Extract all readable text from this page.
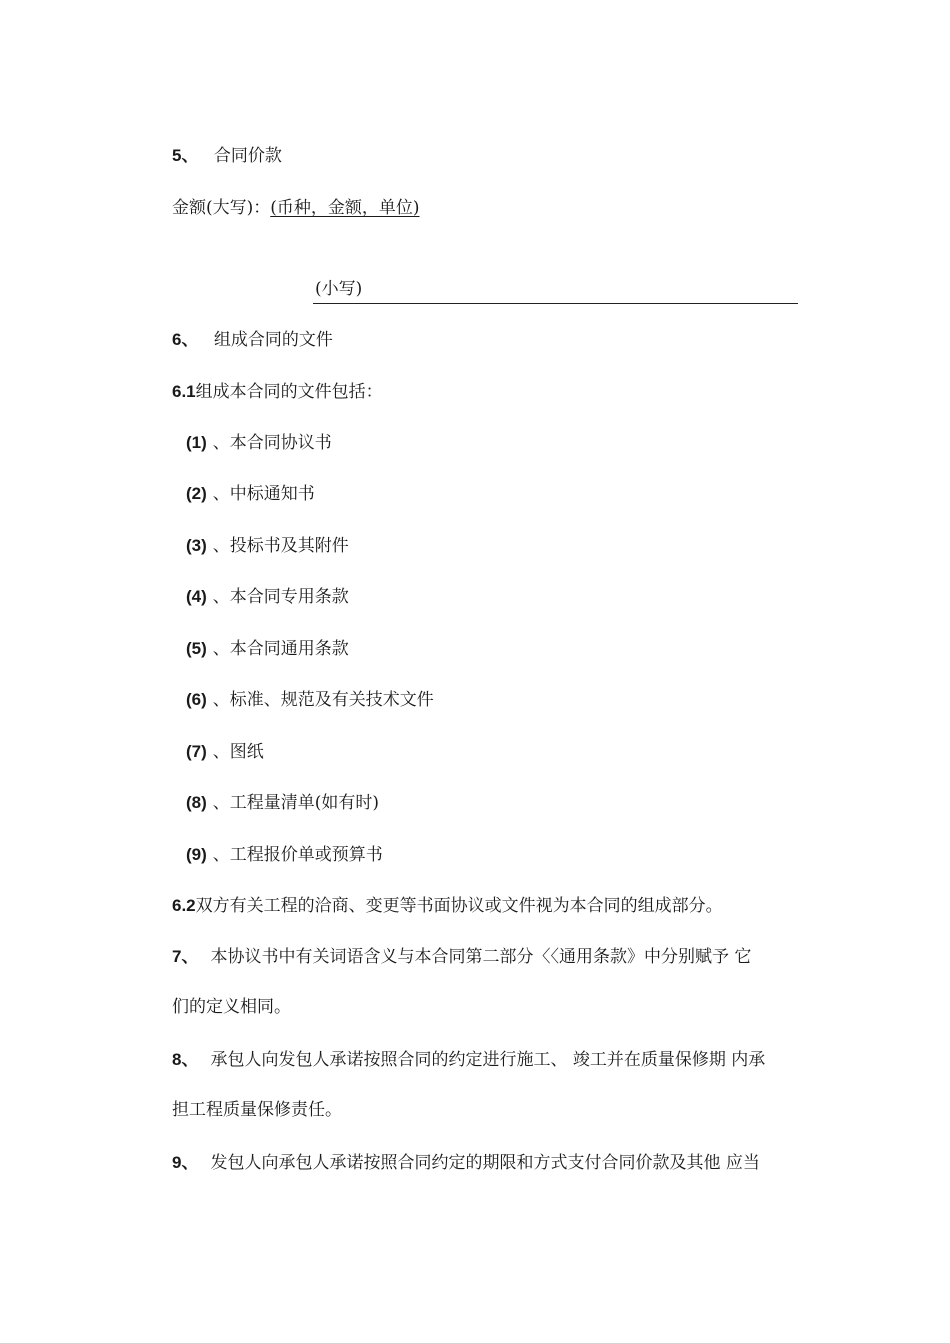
5、 合同价款
金额(大写)：(币种，金额，单位)
(小写)
6、 组成合同的文件
6.1组成本合同的文件包括：
(1) 、本合同协议书
(2) 、中标通知书
(3) 、投标书及其附件
(4) 、本合同专用条款
(5) 、本合同通用条款
(6) 、标准、规范及有关技术文件
(7) 、图纸
(8) 、工程量清单(如有时)
(9) 、工程报价单或预算书
6.2双方有关工程的洽商、变更等书面协议或文件视为本合同的组成部分。
7、 本协议书中有关词语含义与本合同第二部分〈〈通用条款》中分别赋予 它
们的定义相同。
8、 承包人向发包人承诺按照合同的约定进行施工、 竣工并在质量保修期 内承
担工程质量保修责任。
9、 发包人向承包人承诺按照合同约定的期限和方式支付合同价款及其他 应当
